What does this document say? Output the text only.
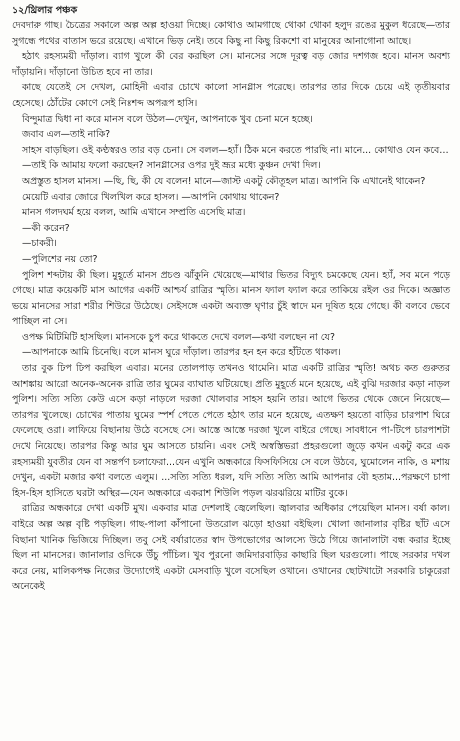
১২/থ্রিলার পঞ্চক

দেবদারু গাছ। চৈত্রের সকালে অল্প অল্প হাওয়া দিচ্ছে। কোথাও আমগাছে থোকা থোকা হলুদ রঙের মুকুল ধরেছে—তার সুগন্ধে পথের বাতাস ভরে রয়েছে। এখানে ভিড় নেই। তবে কিছু না কিছু রিকশো বা মানুষের আনাগোনা আছে।

হঠাৎ রহস্যময়ী দাঁড়াল। ব্যাগ খুলে কী বের করছিল সে। মানসের সঙ্গে দূরত্ব বড় জোর দশগজ হবে। মানস অবশ্য দাঁড়ায়নি। দাঁড়ানো উচিত হবে না তার।

কাছে যেতেই সে দেখল, মোহিনী এবার চোখে কালো সানগ্লাস পরেছে। তারপর তার দিকে চেয়ে এই তৃতীয়বার হেসেছে। ঠোঁটের কোণে সেই নিঃশব্দ অপরূপ হাসি।

বিন্দুমাত্র দ্বিধা না করে মানস বলে উঠল—দেখুন, আপনাকে খুব চেনা মনে হচ্ছে।

জবাব এল—তাই নাকি?

সাহস বাড়ছিল। ওই কণ্ঠস্বরও তার বড় চেনা। সে বলল—হ্যাঁ। ঠিক মনে করতে পারছি না। মানে... কোথাও যেন কবে…

—তাই কি আমায় ফলো করছেন? সানগ্লাসের ওপর দুই ভ্রূর মধ্যে কুঞ্চন দেখা দিল।

অপ্রস্তুত হাসল মানস। —ছি, ছি, কী যে বলেন! মানে—জাস্ট একটু কৌতূহল মাত্র। আপনি কি এখানেই থাকেন?

মেয়েটি এবার জোরে খিলখিল করে হাসল। —আপনি কোথায় থাকেন?

মানস গলদঘর্ম হয়ে বলল, আমি এখানে সম্প্রতি এসেছি মাত্র।

—কী করেন?

—চাকরী।

—পুলিশের নয় তো?

পুলিশ শব্দটায় কী ছিল। মুহূর্তে মানস প্রচণ্ড ঝাঁকুনি খেয়েছে—মাথার ভিতর বিদ্যুৎ চমকেছে যেন। হ্যাঁ, সব মনে পড়ে গেছে। মাত্র কয়েকটি মাস আগের একটি আশ্চর্য রাত্রির স্মৃতি। মানস ফ্যাল ফ্যাল করে তাকিয়ে রইল ওর দিকে। অজ্ঞাত ভয়ে মানসের সারা শরীর শিউরে উঠেছে। সেইসঙ্গে একটা অব্যক্ত ঘৃণার চুঁই স্বাদে মন দূষিত হয়ে গেছে। কী বলবে ভেবে পাচ্ছিল না সে।

ওপক্ষ মিটিমিটি হাসছিল। মানসকে চুপ করে থাকতে দেখে বলল—কথা বলছেন না যে?

—আপনাকে আমি চিনেছি। বলে মানস ঘুরে দাঁড়াল। তারপর হন হন করে হাঁটতে থাকল।

তার বুক ঢিপ ঢিপ করছিল এবার। মনের তোলপাড় তখনও থামেনি। মাত্র একটি রাত্রির স্মৃতি! অথচ কত গুরুতর আশঙ্কায় আরো অনেক-অনেক রাত্রি তার ঘুমের ব্যাঘাত ঘটিয়েছে। প্রতি মুহূর্তে মনে হয়েছে, এই বুঝি দরজার কড়া নাড়ল পুলিশ। সত্যি সত্যি কেউ এসে কড়া নাড়লে দরজা খোলবার সাহস হয়নি তার। আগে ভিতর থেকে জেনে নিয়েছে—তারপর খুলেছে। চোখের পাতায় ঘুমের স্পর্শ পেতে পেতে হঠাৎ তার মনে হয়েছে, এতক্ষণ হয়তো বাড়ির চারপাশ ঘিরে ফেলেছে ওরা। লাফিয়ে বিছানায় উঠে বসেছে সে। আস্তে আস্তে দরজা খুলে বাইরে গেছে। সাবধানে পা-টিপে চারপাশটা দেখে নিয়েছে। তারপর কিন্তু আর ঘুম আসতে চায়নি। এবং সেই অস্বস্তিভরা প্রহরগুলো জুড়ে কখন একটু করে এক রহস্যময়ী যুবতীর যেন বা সন্তর্পণ চলাফেরা...যেন এখুনি অন্ধকারে ফিসফিসিয়ে সে বলে উঠবে, ঘুমোলেন নাকি, ও মশায় দেখুন, একটা মজার কথা বলতে এলুম। ...সত্যি সত্যি ধরল, যদি সত্যি সত্যি আমি আপনার বৌ হতাম...পরক্ষণে চাপা হিস-হিস হাসিতে ঘরটা অস্থির—যেন অন্ধকারে একরাশ শিউলি পড়ল ঝরঝরিয়ে মাটির বুকে।

রাত্রির অন্ধকারে দেখা একটি মুখ। একবার মাত্র দেশলাই জ্বেলেছিল। জ্বালবার অধিকার পেয়েছিল মানস। বর্ষা কাল। বাইরে অল্প অল্প বৃষ্টি পড়ছিল। গাছ-পালা কাঁপানো উতরোল ঝড়ো হাওয়া বইছিল। খোলা জানালার বৃষ্টির ছাঁট এসে বিছানা খানিক ভিজিয়ে দিচ্ছিল। তবু সেই বর্ষারাতের স্বাদ উপভোগের আলস্যে উঠে গিয়ে জানালাটা বন্ধ করার ইচ্ছে ছিল না মানসের। জানালার ওদিকে উঁচু পাঁচিল। খুব পুরনো জমিদারবাড়ির কাছারি ছিল ঘরগুলো। পাছে সরকার দখল করে নেয়, মালিকপক্ষ নিজের উদ্যোগেই একটা মেসবাড়ি খুলে বসেছিল ওখানে। ওখানের ছোটখাটো সরকারি চাকুরেরা অনেকেই
